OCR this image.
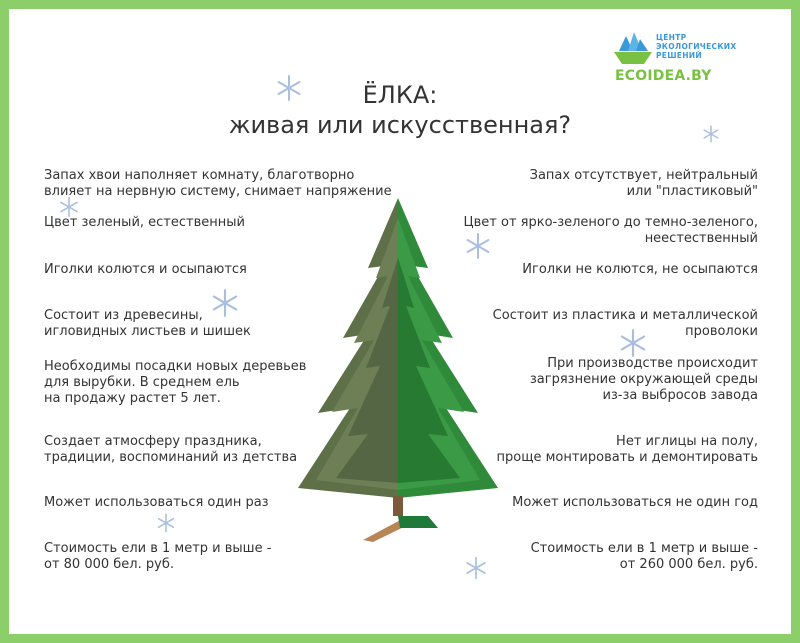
ЦЕНТР
ЭКОЛОГИЧЕСКИХ
РЕШЕНИЙ
ECOIDEA.BY
ЁЛКА:
живая или искусственная?
Запах хвои наполняет комнату, благотворно
влияет на нервную систему, снимает напряжение
Цвет зеленый, естественный
Иголки колются и осыпаются
Состоит из древесины,
игловидных листьев и шишек
Необходимы посадки новых деревьев
для вырубки. В среднем ель
на продажу растет 5 лет.
Создает атмосферу праздника,
традиции, воспоминаний из детства
Может использоваться один раз
Стоимость ели в 1 метр и выше -
от 80 000 бел. руб.
Запах отсутствует, нейтральный
или "пластиковый"
Цвет от ярко-зеленого до темно-зеленого,
неестественный
Иголки не колются, не осыпаются
Состоит из пластика и металлической
проволоки
При производстве происходит
загрязнение окружающей среды
из-за выбросов завода
Нет иглицы на полу,
проще монтировать и демонтировать
Может использоваться не один год
Стоимость ели в 1 метр и выше -
от 260 000 бел. руб.
